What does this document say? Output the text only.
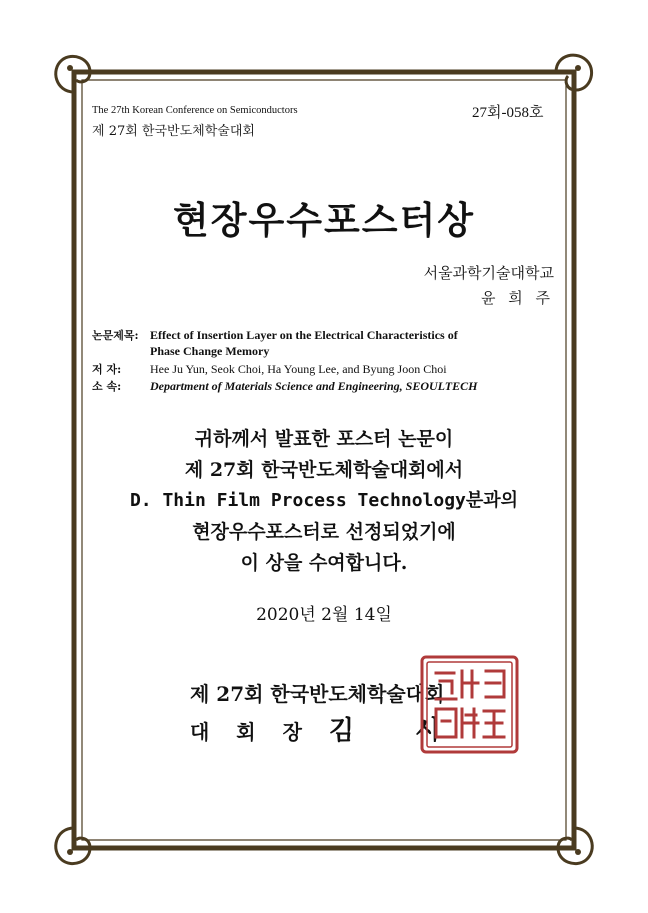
The 27th Korean Conference on Semiconductors
제 27회 한국반도체학술대회
27회-058호
현장우수포스터상
서울과학기술대학교
윤 희 주
논문제목: Effect of Insertion Layer on the Electrical Characteristics of
Phase Change Memory
저 자: Hee Ju Yun, Seok Choi, Ha Young Lee, and Byung Joon Choi
소 속: Department of Materials Science and Engineering, SEOULTECH
귀하께서 발표한 포스터 논문이
제 27회 한국반도체학술대회에서
D. Thin Film Process Technology분과의
현장우수포스터로 선정되었기에
이 상을 수여합니다.
2020년 2월 14일
제 27회 한국반도체학술대회
대 회 장 김 시
